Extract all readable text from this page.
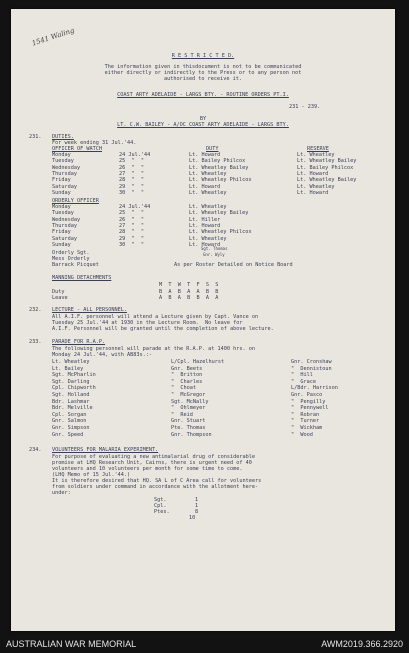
1541 Waling
R E S T R I C T E D.
The information given in thisdocument is not to be communicated
either directly or indirectly to the Press or to any person not
authorised to receive it.
COAST ARTY ADELAIDE - LARGS BTY. - ROUTINE ORDERS PT.I.
231 - 239.
BY
LT. C.W. BAILEY - A/OC COAST ARTY ADELAIDE - LARGS BTY.
231. DUTIES.
For week ending 31 Jul.'44.
OFFICER OF WATCH	DUTY	RESERVE
ORDERLY OFFICER
Sgt. Thomas
Orderly Sgt.	Gnr. Wyly
Mess Orderly
Barrack Picquet	As per Roster Detailed on Notice Board
MANNING DETACHMENTS
M  T  W  T  F  S  S
Duty	B  A  B  A  A  B  B
Leave	A  B  A  B  B  A  A
232. LECTURE - ALL PERSONNEL.
All A.I.F. personnel will attend a Lecture given by Capt. Vance on
Tuesday 25 Jul.'44 at 1930 in the Lecture Room.  No leave for
A.I.F. Personnel will be granted until the completion of above lecture.
233. PARADE FOR R.A.P.
The following personnel will parade at the R.A.P. at 1400 hrs. on
Monday 24 Jul.'44, with AB83s.:-
234. VOLUNTEERS FOR MALARIA EXPERIMENT.
10
Monday	24 Jul.'44	Lt. Howard	Lt. Wheatley
Tuesday	25  "  "	Lt. Bailey Philcox	Lt. Wheatley Bailey
Wednesday	26  "  "	Lt. Wheatley Bailey	Lt. Bailey Philcox
Thursday	27  "  "	Lt. Wheatley	Lt. Howard
Friday	28  "  "	Lt. Wheatley Philcox	Lt. Wheatley Bailey
Saturday	29  "  "	Lt. Howard	Lt. Wheatley
Sunday	30  "  "	Lt. Wheatley	Lt. Howard
Monday	24 Jul.'44	Lt. Wheatley
Tuesday	25  "  "	Lt. Wheatley Bailey
Wednesday	26  "  "	Lt. Hiller
Thursday	27  "  "	Lt. Howard
Friday	28  "  "	Lt. Wheatley Philcox
Saturday	29  "  "	Lt. Wheatley
Sunday	30  "  "	Lt. Howard
Lt. Wheatley	L/Cpl. Hazelhurst	Gnr. Cronshaw
Lt. Bailey	Gnr. Beets	"  Dennistoun
Sgt. McPharlin	"  Britton	"  Hill
Sgt. Darling	"  Charles	"  Grace
Cpl. Chipworth	"  Choat	L/Bdr. Harrison
Sgt. Holland	"  McGregor	Gnr. Pasco
Bdr. Lashmar	Sgt. McNally	"  Pengilly
Bdr. Melville	"  Ohlmeyer	"  Pennywell
Cpl. Sorgan	"  Reid	"  Robran
Gnr. Salmon	Gnr. Stuart	"  Turner
Gnr. Simpson	Pte. Thomas	"  Wickham
Gnr. Speed	Gnr. Thompson	"  Wood
For purpose of evaluating a new antimalarial drug of considerable
promise at LHQ Research Unit, Cairns, there is urgent need of 40
volunteers and 10 volunteers per month for some time to come.
(LHQ Memo of 15 Jul.'44.)
It is therefore desired that HQ. SA L of C Area call for volunteers
from soldiers under command in accordance with the allotment here-
under:
Sgt.	1
Cpl.	1
Ptes.	8
AUSTRALIAN WAR MEMORIAL	AWM2019.366.2920
